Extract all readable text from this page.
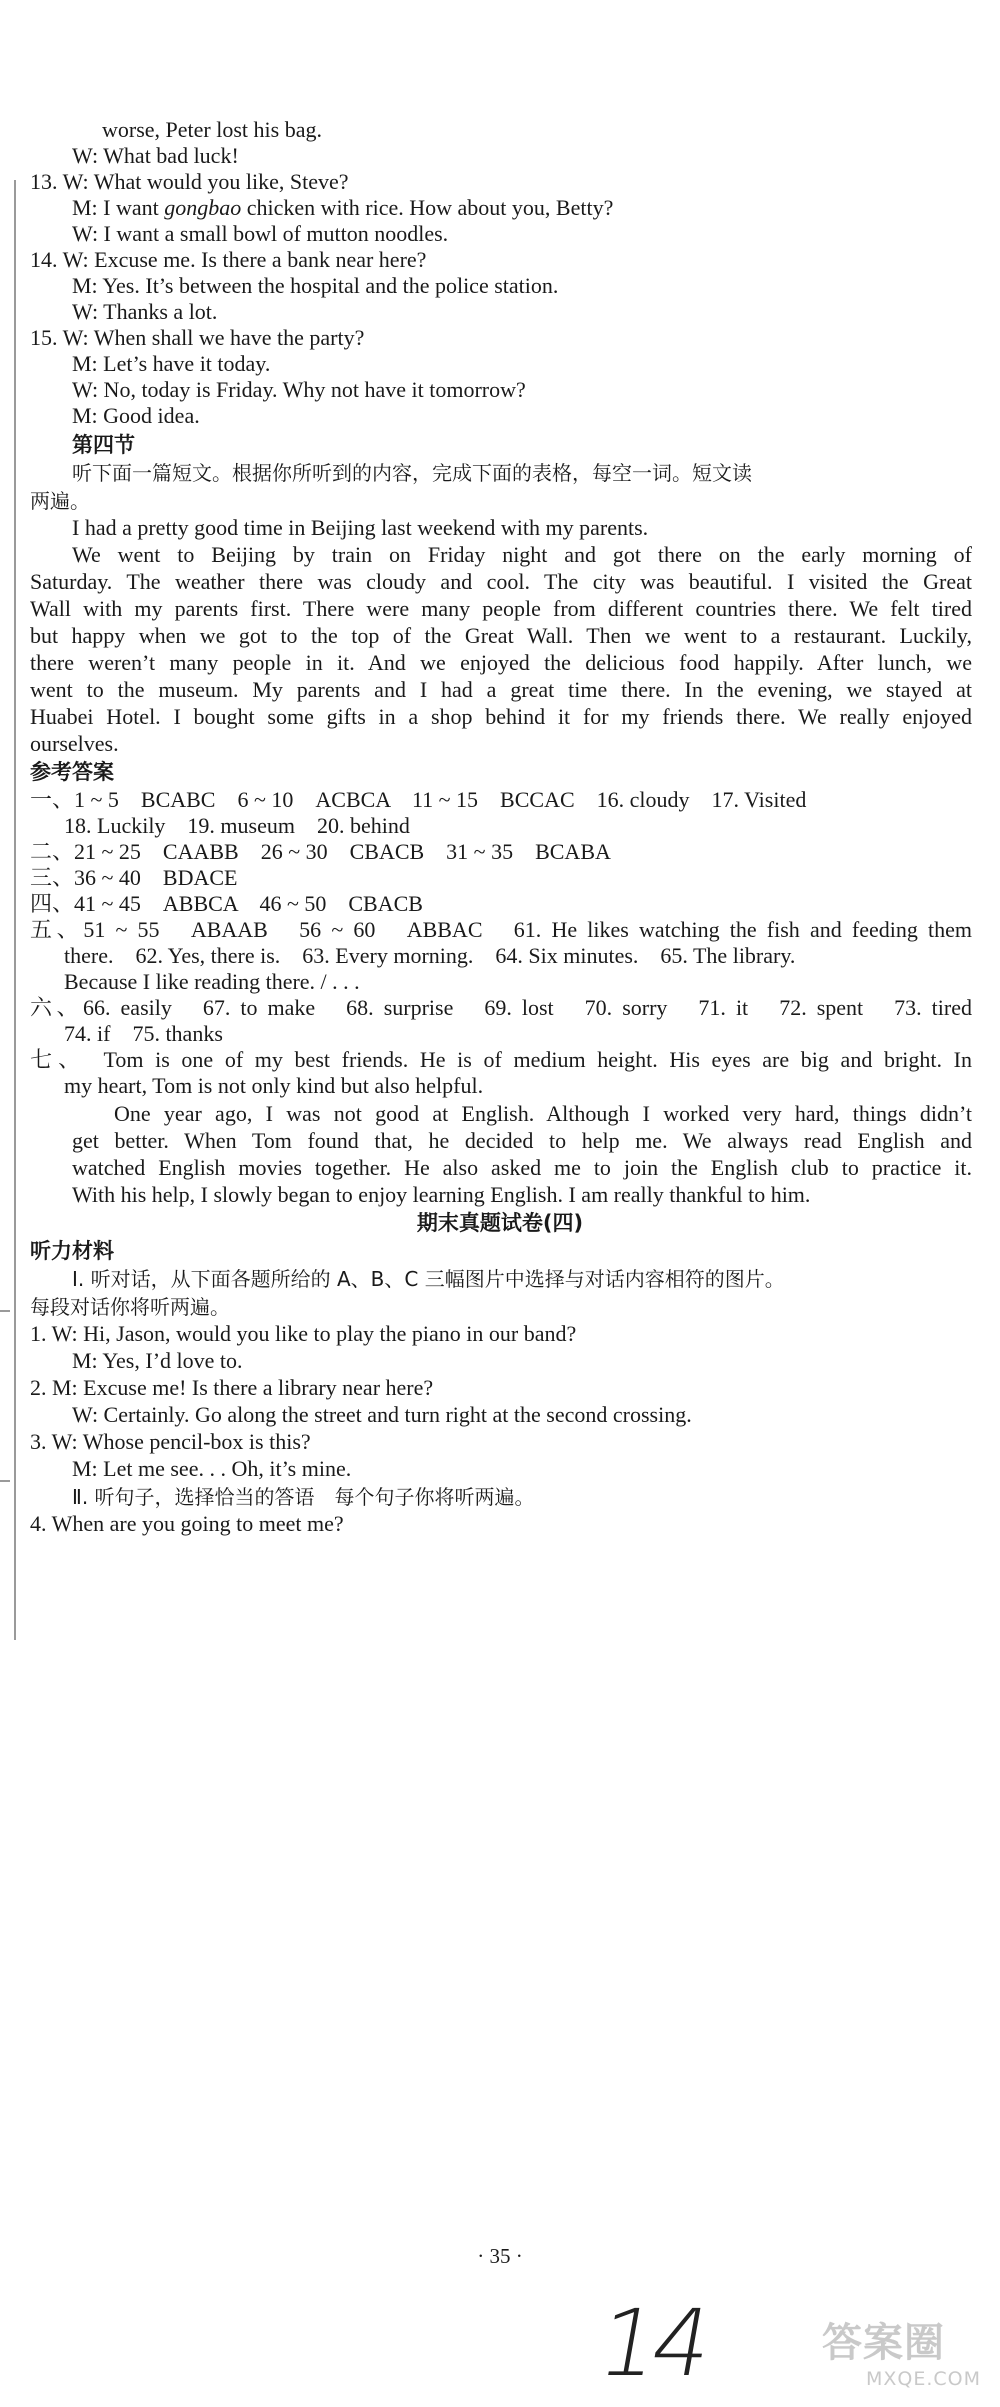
worse, Peter lost his bag.
W: What bad luck!
13. W: What would you like, Steve?
M: I want gongbao chicken with rice. How about you, Betty?
W: I want a small bowl of mutton noodles.
14. W: Excuse me. Is there a bank near here?
M: Yes. It’s between the hospital and the police station.
W: Thanks a lot.
15. W: When shall we have the party?
M: Let’s have it today.
W: No, today is Friday. Why not have it tomorrow?
M: Good idea.
第四节
听下面一篇短文。根据你所听到的内容，完成下面的表格，每空一词。短文读
两遍。
I had a pretty good time in Beijing last weekend with my parents.
We went to Beijing by train on Friday night and got there on the early morning of
Saturday. The weather there was cloudy and cool. The city was beautiful. I visited the Great
Wall with my parents first. There were many people from different countries there. We felt tired
but happy when we got to the top of the Great Wall. Then we went to a restaurant. Luckily,
there weren’t many people in it. And we enjoyed the delicious food happily. After lunch, we
went to the museum. My parents and I had a great time there. In the evening, we stayed at
Huabei Hotel. I bought some gifts in a shop behind it for my friends there. We really enjoyed
ourselves.
参考答案
一、1 ~ 5　BCABC　6 ~ 10　ACBCA　11 ~ 15　BCCAC　16. cloudy　17. Visited
18. Luckily　19. museum　20. behind
二、21 ~ 25　CAABB　26 ~ 30　CBACB　31 ~ 35　BCABA
三、36 ~ 40　BDACE
四、41 ~ 45　ABBCA　46 ~ 50　CBACB
五、51 ~ 55　ABAAB　56 ~ 60　ABBAC　61. He likes watching the fish and feeding them
there.　62. Yes, there is.　63. Every morning.　64. Six minutes.　65. The library.
Because I like reading there. / . . .
六、66. easily　67. to make　68. surprise　69. lost　70. sorry　71. it　72. spent　73. tired
74. if　75. thanks
七、　Tom is one of my best friends. He is of medium height. His eyes are big and bright. In
my heart, Tom is not only kind but also helpful.
One year ago, I was not good at English. Although I worked very hard, things didn’t
get better. When Tom found that, he decided to help me. We always read English and
watched English movies together. He also asked me to join the English club to practice it.
With his help, I slowly began to enjoy learning English. I am really thankful to him.
期末真题试卷(四)
听力材料
Ⅰ. 听对话，从下面各题所给的 A、B、C 三幅图片中选择与对话内容相符的图片。
每段对话你将听两遍。
1. W: Hi, Jason, would you like to play the piano in our band?
M: Yes, I’d love to.
2. M: Excuse me! Is there a library near here?
W: Certainly. Go along the street and turn right at the second crossing.
3. W: Whose pencil-box is this?
M: Let me see. . . Oh, it’s mine.
Ⅱ. 听句子，选择恰当的答语　每个句子你将听两遍。
4. When are you going to meet me?
· 35 ·
14	答案圈
MXQE.COM
